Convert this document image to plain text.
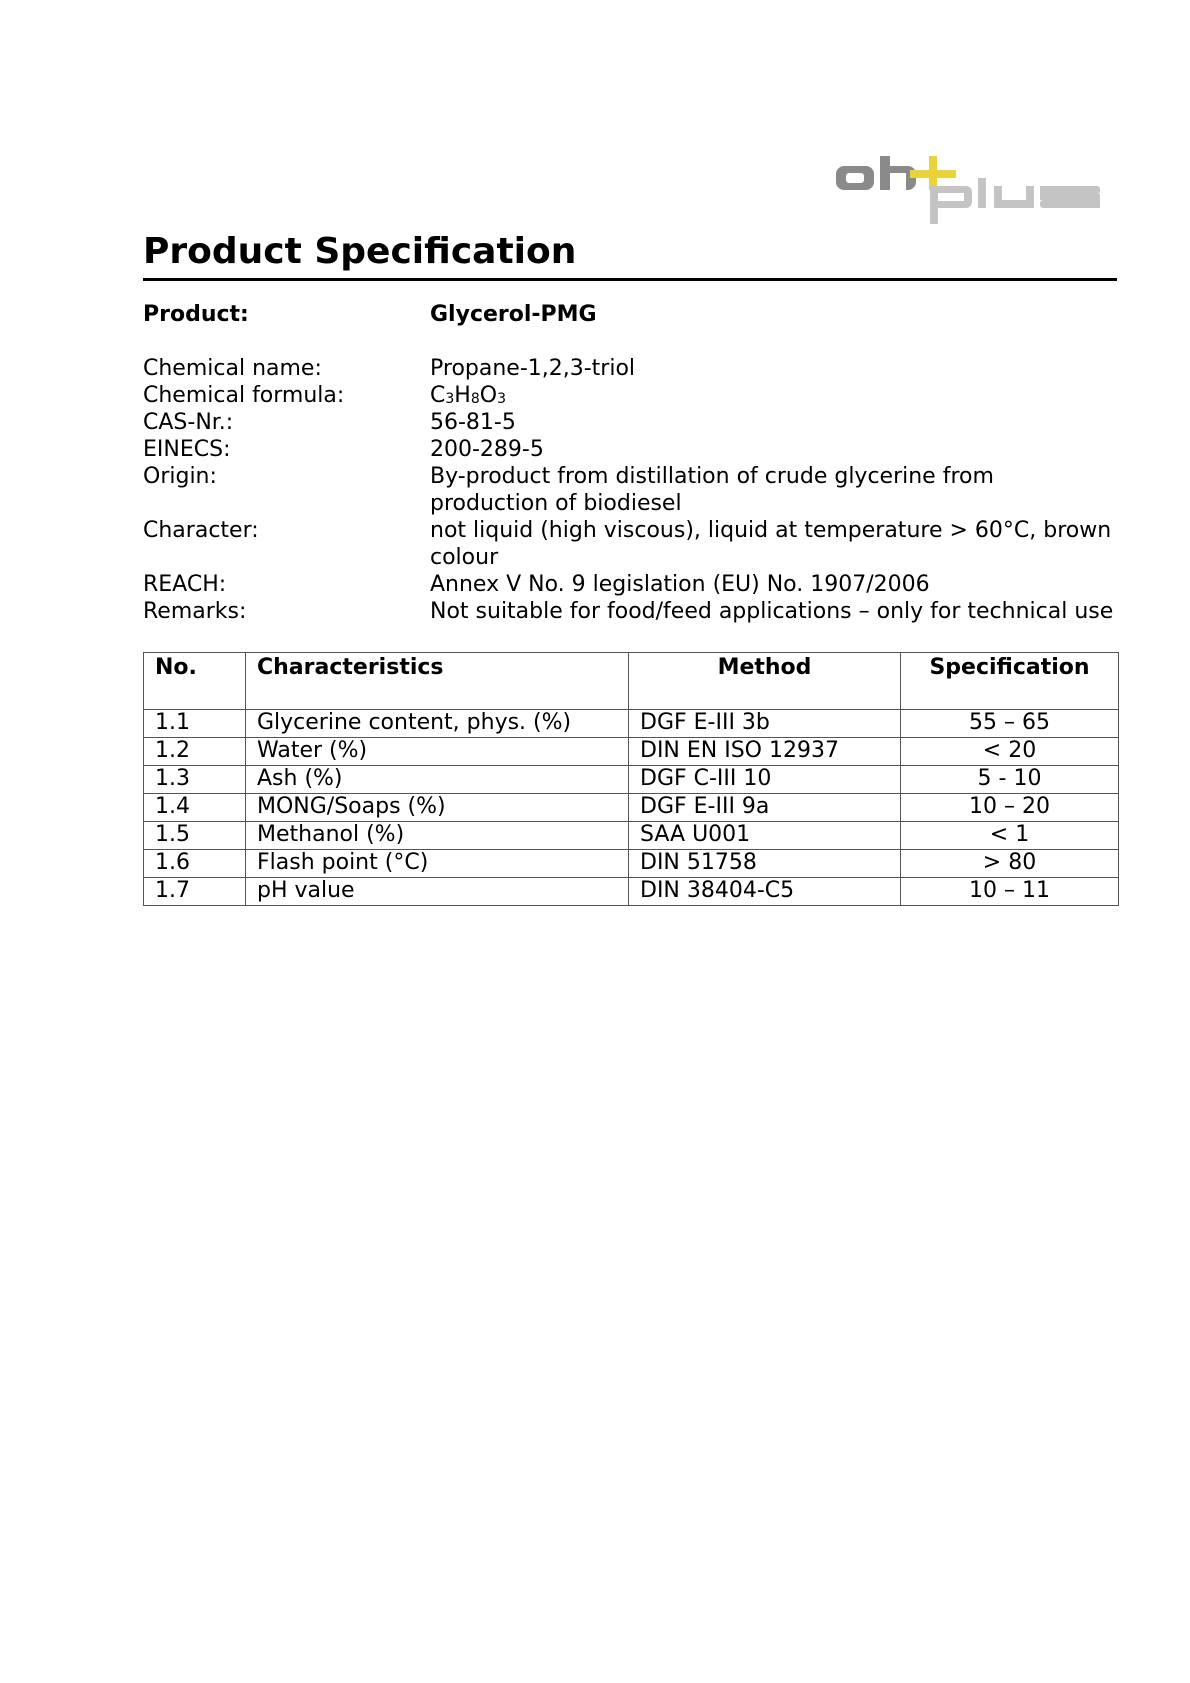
Product Specification
Product:	Glycerol-PMG
Chemical name:	Propane-1,2,3-triol
Chemical formula:	$C_3H_8O_3$
CAS-Nr.:	56-81-5
EINECS:	200-289-5
Origin:	By-product from distillation of crude glycerine from
production of biodiesel
Character:	not liquid (high viscous), liquid at temperature > 60°C, brown
colour
REACH:	Annex V No. 9 legislation (EU) No. 1907/2006
Remarks:	Not suitable for food/feed applications – only for technical use
No.	Characteristics	Method	Specification
1.1	Glycerine content, phys. (%)	DGF E-III 3b	55 – 65
1.2	Water (%)	DIN EN ISO 12937	< 20
1.3	Ash (%)	DGF C-III 10	5 - 10
1.4	MONG/Soaps (%)	DGF E-III 9a	10 – 20
1.5	Methanol (%)	SAA U001	< 1
1.6	Flash point (°C)	DIN 51758	> 80
1.7	pH value	DIN 38404-C5	10 – 11
